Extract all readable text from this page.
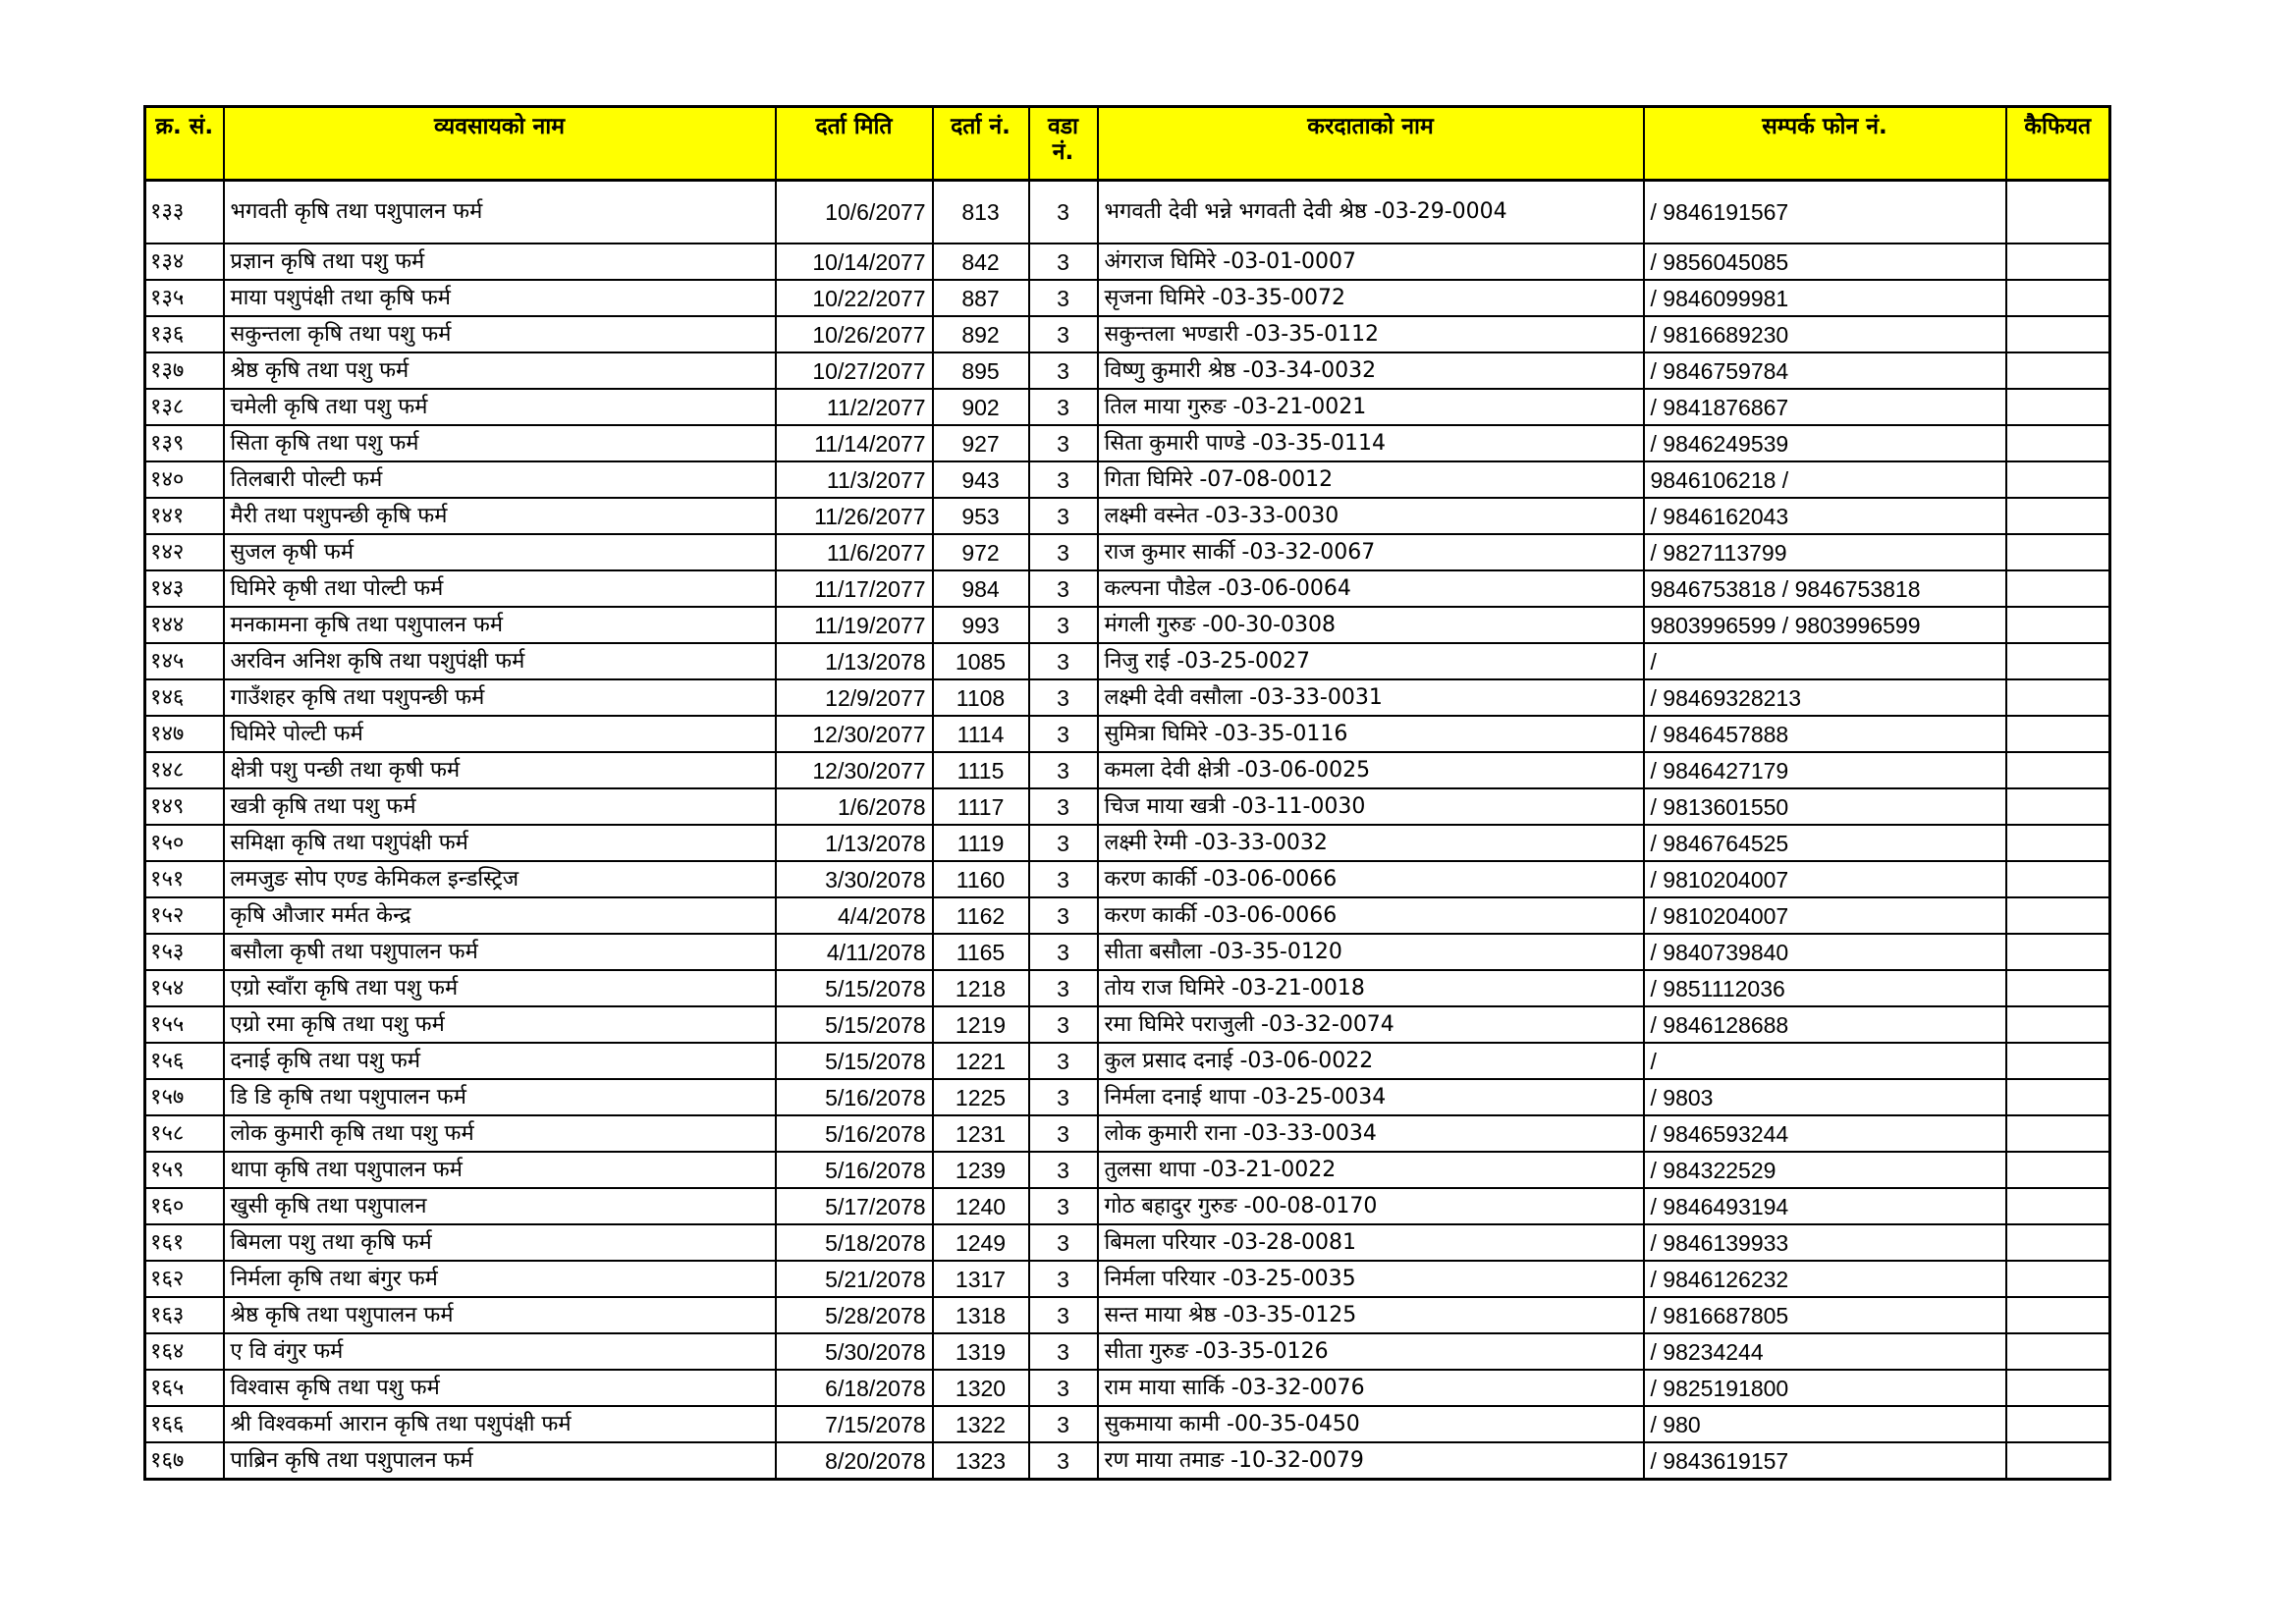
क्र. सं.	व्यवसायको नाम	दर्ता मिति	दर्ता नं.	वडा नं.	करदाताको नाम	सम्पर्क फोन नं.	कैफियत
१३३	भगवती कृषि तथा पशुपालन फर्म	10/6/2077	813	3	भगवती देवी भन्ने भगवती देवी श्रेष्ठ -03-29-0004	/ 9846191567	
१३४	प्रज्ञान कृषि तथा पशु फर्म	10/14/2077	842	3	अंगराज घिमिरे -03-01-0007	/ 9856045085	
१३५	माया पशुपंक्षी तथा कृषि फर्म	10/22/2077	887	3	सृजना घिमिरे -03-35-0072	/ 9846099981	
१३६	सकुन्तला कृषि तथा पशु फर्म	10/26/2077	892	3	सकुन्तला भण्डारी -03-35-0112	/ 9816689230	
१३७	श्रेष्ठ कृषि तथा पशु फर्म	10/27/2077	895	3	विष्णु कुमारी श्रेष्ठ -03-34-0032	/ 9846759784	
१३८	चमेली कृषि तथा पशु फर्म	11/2/2077	902	3	तिल माया गुरुङ -03-21-0021	/ 9841876867	
१३९	सिता कृषि तथा पशु फर्म	11/14/2077	927	3	सिता कुमारी पाण्डे -03-35-0114	/ 9846249539	
१४०	तिलबारी पोल्टी फर्म	11/3/2077	943	3	गिता घिमिरे -07-08-0012	9846106218 /	
१४१	मैरी तथा पशुपन्छी कृषि फर्म	11/26/2077	953	3	लक्ष्मी वस्नेत -03-33-0030	/ 9846162043	
१४२	सुजल कृषी फर्म	11/6/2077	972	3	राज कुमार सार्की -03-32-0067	/ 9827113799	
१४३	घिमिरे कृषी तथा पोल्टी फर्म	11/17/2077	984	3	कल्पना पौडेल -03-06-0064	9846753818 / 9846753818	
१४४	मनकामना कृषि तथा पशुपालन फर्म	11/19/2077	993	3	मंगली गुरुङ -00-30-0308	9803996599 / 9803996599	
१४५	अरविन अनिश कृषि तथा पशुपंक्षी फर्म	1/13/2078	1085	3	निजु राई -03-25-0027	/	
१४६	गाउँशहर कृषि तथा पशुपन्छी फर्म	12/9/2077	1108	3	लक्ष्मी देवी वसौला -03-33-0031	/ 98469328213	
१४७	घिमिरे पोल्टी फर्म	12/30/2077	1114	3	सुमित्रा घिमिरे -03-35-0116	/ 9846457888	
१४८	क्षेत्री पशु पन्छी तथा कृषी फर्म	12/30/2077	1115	3	कमला देवी क्षेत्री -03-06-0025	/ 9846427179	
१४९	खत्री कृषि तथा पशु फर्म	1/6/2078	1117	3	चिज माया खत्री -03-11-0030	/ 9813601550	
१५०	समिक्षा कृषि तथा पशुपंक्षी फर्म	1/13/2078	1119	3	लक्ष्मी रेग्मी -03-33-0032	/ 9846764525	
१५१	लमजुङ सोप एण्ड केमिकल इन्डस्ट्रिज	3/30/2078	1160	3	करण कार्की -03-06-0066	/ 9810204007	
१५२	कृषि औजार मर्मत केन्द्र	4/4/2078	1162	3	करण कार्की -03-06-0066	/ 9810204007	
१५३	बसौला कृषी तथा पशुपालन फर्म	4/11/2078	1165	3	सीता बसौला -03-35-0120	/ 9840739840	
१५४	एग्रो स्वाँरा कृषि तथा पशु फर्म	5/15/2078	1218	3	तोय राज घिमिरे -03-21-0018	/ 9851112036	
१५५	एग्रो रमा कृषि तथा पशु फर्म	5/15/2078	1219	3	रमा घिमिरे पराजुली -03-32-0074	/ 9846128688	
१५६	दनाई कृषि तथा पशु फर्म	5/15/2078	1221	3	कुल प्रसाद दनाई -03-06-0022	/	
१५७	डि डि कृषि तथा पशुपालन फर्म	5/16/2078	1225	3	निर्मला दनाई थापा -03-25-0034	/ 9803	
१५८	लोक कुमारी कृषि तथा पशु फर्म	5/16/2078	1231	3	लोक कुमारी राना -03-33-0034	/ 9846593244	
१५९	थापा कृषि तथा पशुपालन फर्म	5/16/2078	1239	3	तुलसा थापा -03-21-0022	/ 984322529	
१६०	खुसी कृषि तथा पशुपालन	5/17/2078	1240	3	गोठ बहादुर गुरुङ -00-08-0170	/ 9846493194	
१६१	बिमला पशु तथा कृषि फर्म	5/18/2078	1249	3	बिमला परियार -03-28-0081	/ 9846139933	
१६२	निर्मला कृषि तथा बंगुर फर्म	5/21/2078	1317	3	निर्मला परियार -03-25-0035	/ 9846126232	
१६३	श्रेष्ठ कृषि तथा पशुपालन फर्म	5/28/2078	1318	3	सन्त माया श्रेष्ठ -03-35-0125	/ 9816687805	
१६४	ए वि वंगुर फर्म	5/30/2078	1319	3	सीता गुरुङ -03-35-0126	/ 98234244	
१६५	विश्वास कृषि तथा पशु फर्म	6/18/2078	1320	3	राम माया सार्कि -03-32-0076	/ 9825191800	
१६६	श्री विश्वकर्मा आरान कृषि तथा पशुपंक्षी फर्म	7/15/2078	1322	3	सुकमाया कामी -00-35-0450	/ 980	
१६७	पाब्रिन कृषि तथा पशुपालन फर्म	8/20/2078	1323	3	रण माया तमाङ -10-32-0079	/ 9843619157	
